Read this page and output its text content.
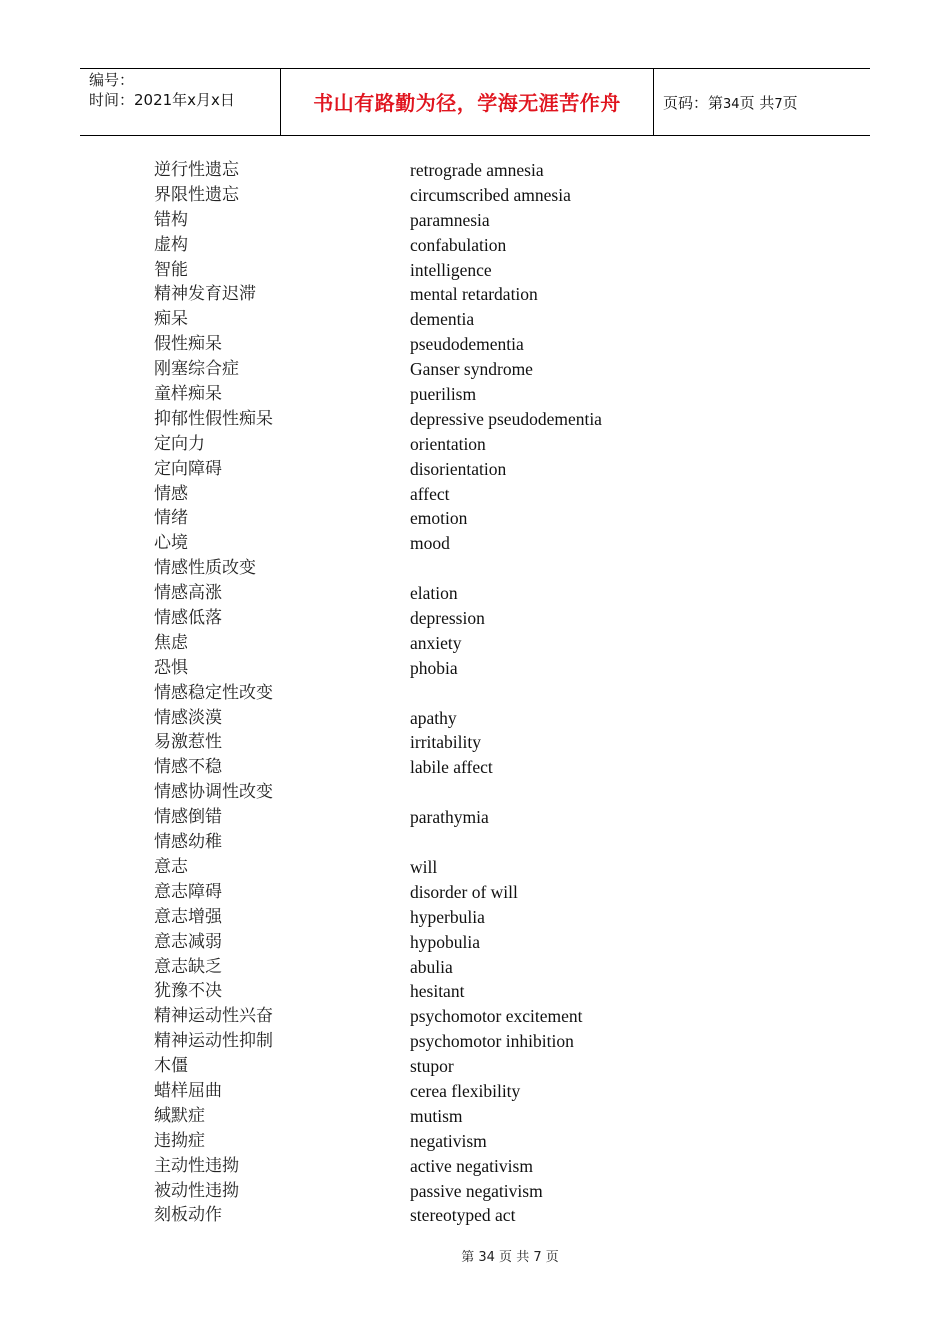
编号：
时间：2021年x月x日	书山有路勤为径，学海无涯苦作舟	页码：第34页 共7页
逆行性遗忘	retrograde amnesia
界限性遗忘	circumscribed amnesia
错构	paramnesia
虚构	confabulation
智能	intelligence
精神发育迟滞	mental retardation
痴呆	dementia
假性痴呆	pseudodementia
刚塞综合症	Ganser syndrome
童样痴呆	puerilism
抑郁性假性痴呆	depressive pseudodementia
定向力	orientation
定向障碍	disorientation
情感	affect
情绪	emotion
心境	mood
情感性质改变
情感高涨	elation
情感低落	depression
焦虑	anxiety
恐惧	phobia
情感稳定性改变
情感淡漠	apathy
易激惹性	irritability
情感不稳	labile affect
情感协调性改变
情感倒错	parathymia
情感幼稚
意志	will
意志障碍	disorder of will
意志增强	hyperbulia
意志减弱	hypobulia
意志缺乏	abulia
犹豫不决	hesitant
精神运动性兴奋	psychomotor excitement
精神运动性抑制	psychomotor inhibition
木僵	stupor
蜡样屈曲	cerea flexibility
缄默症	mutism
违拗症	negativism
主动性违拗	active negativism
被动性违拗	passive negativism
刻板动作	stereotyped act
第 34 页 共 7 页
